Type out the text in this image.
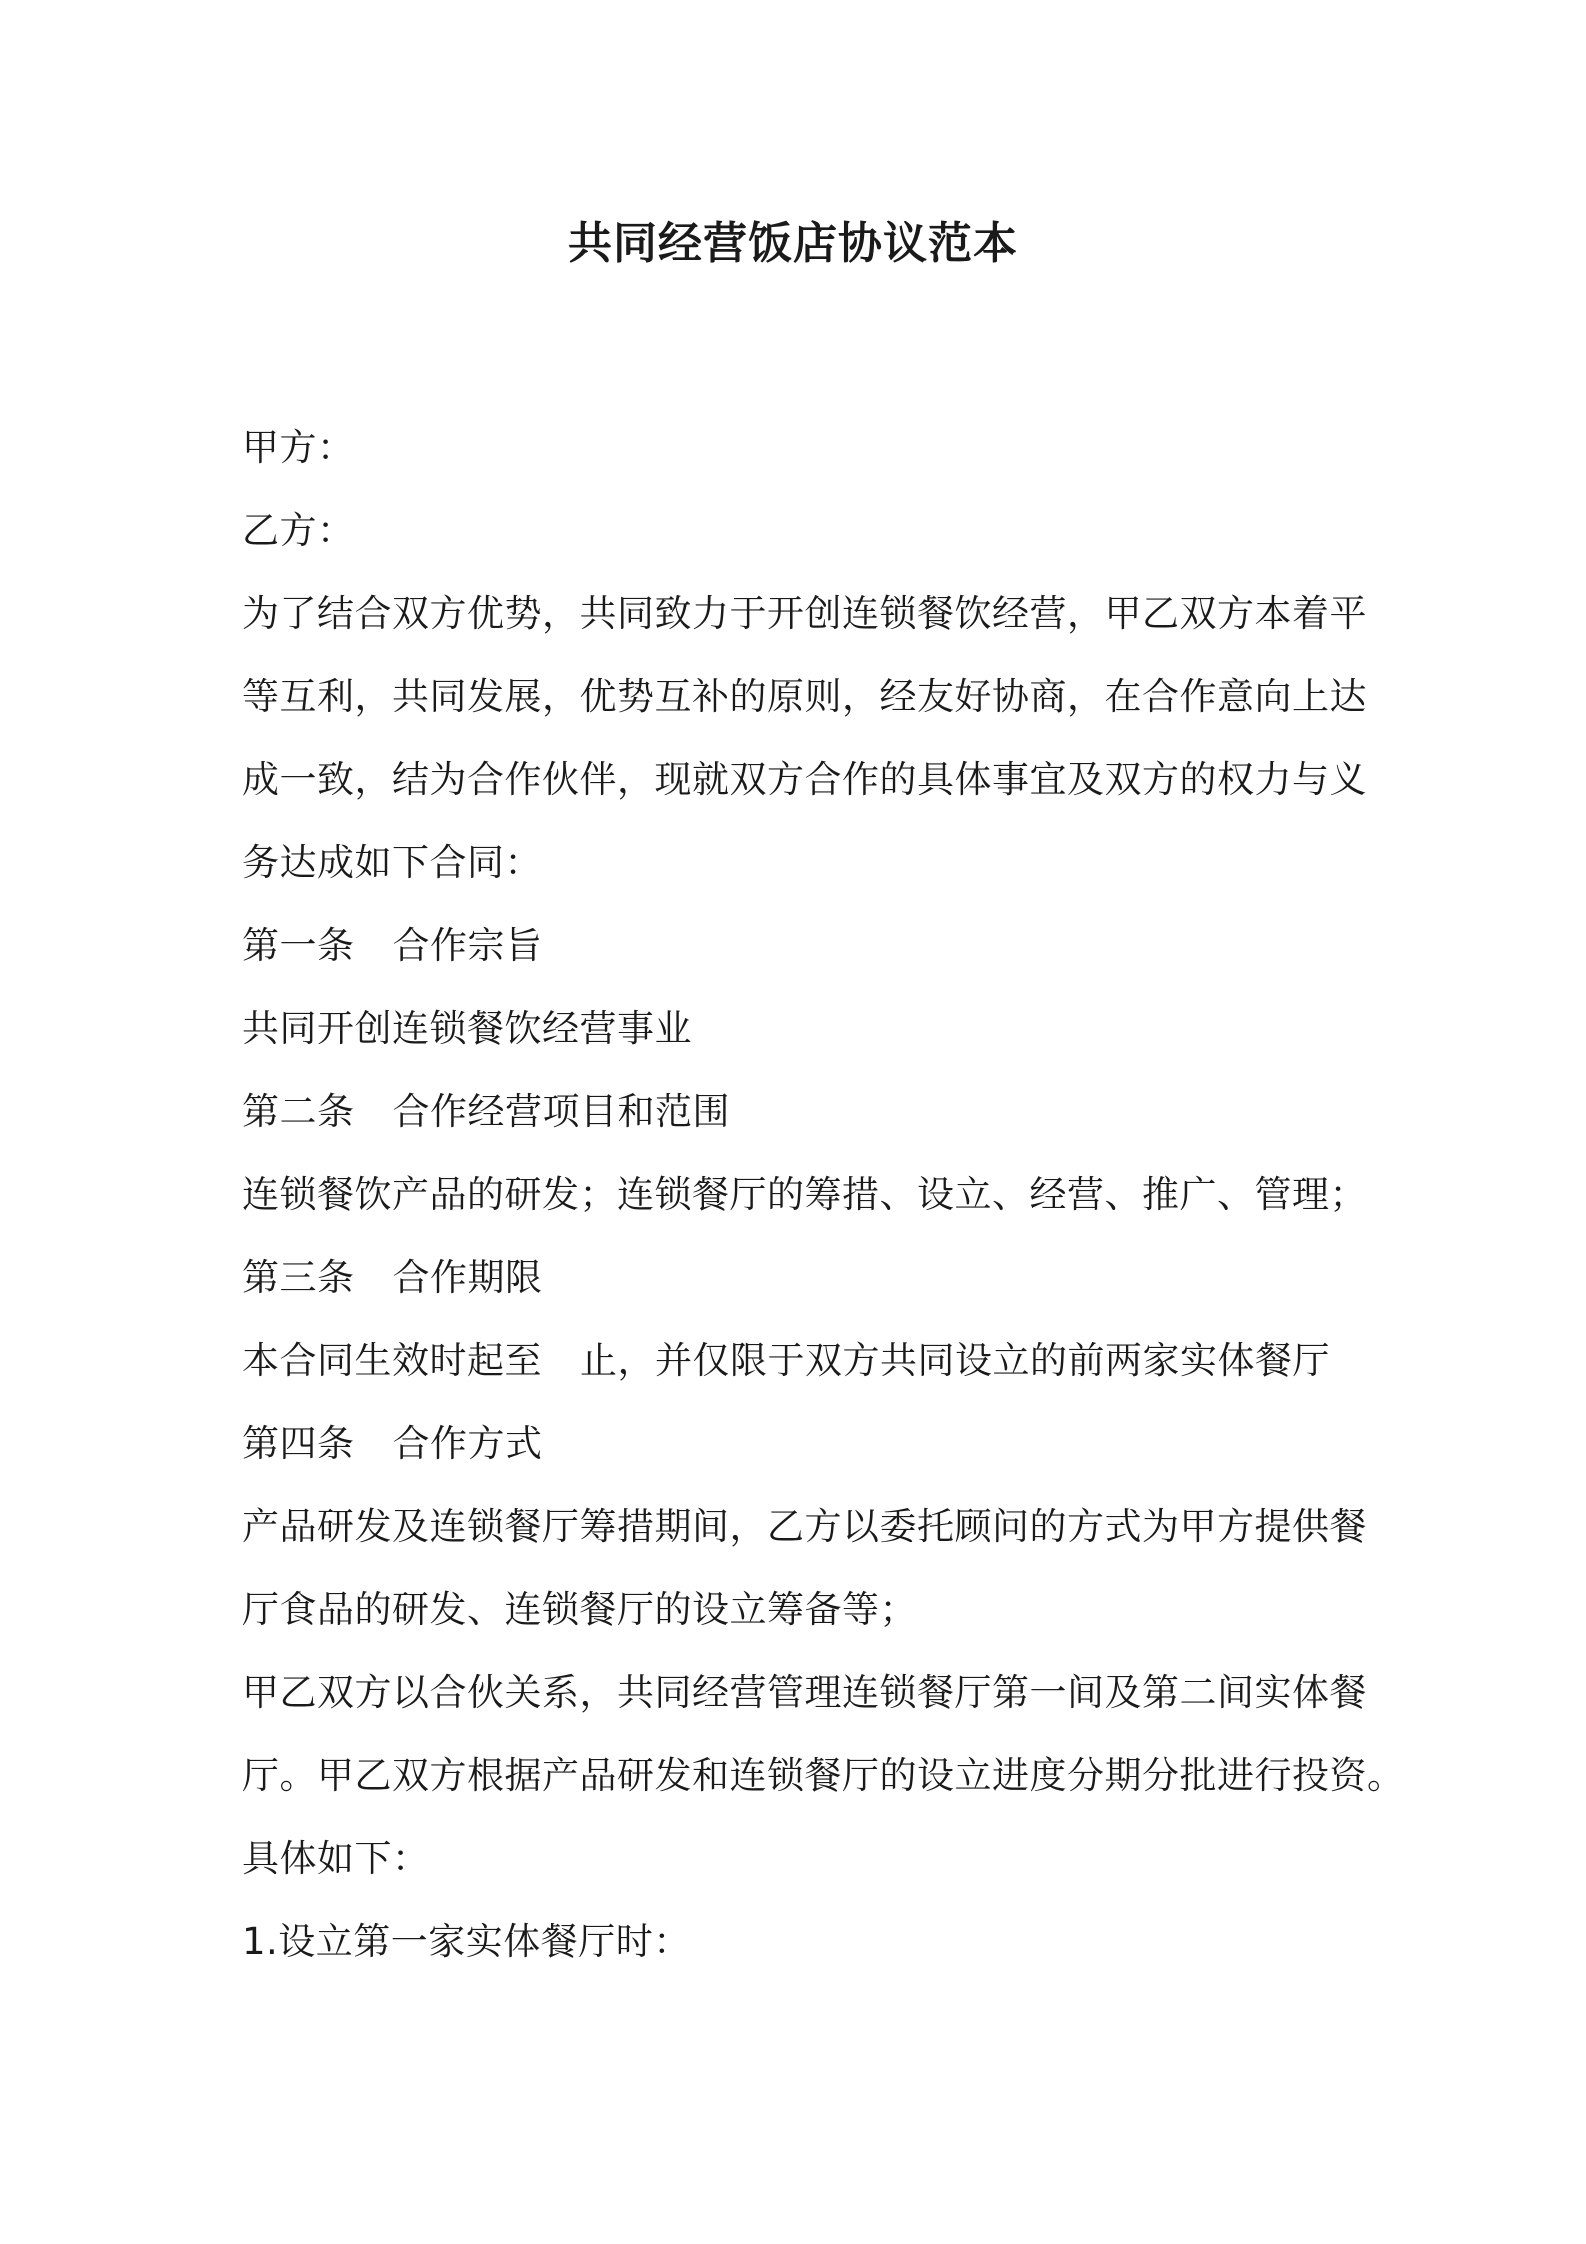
共同经营饭店协议范本
甲方：
乙方：
为了结合双方优势，共同致力于开创连锁餐饮经营，甲乙双方本着平
等互利，共同发展，优势互补的原则，经友好协商，在合作意向上达
成一致，结为合作伙伴，现就双方合作的具体事宜及双方的权力与义
务达成如下合同：
第一条 合作宗旨
共同开创连锁餐饮经营事业
第二条 合作经营项目和范围
连锁餐饮产品的研发；连锁餐厅的筹措、设立、经营、推广、管理；
第三条 合作期限
本合同生效时起至 止，并仅限于双方共同设立的前两家实体餐厅
第四条 合作方式
产品研发及连锁餐厅筹措期间，乙方以委托顾问的方式为甲方提供餐
厅食品的研发、连锁餐厅的设立筹备等；
甲乙双方以合伙关系，共同经营管理连锁餐厅第一间及第二间实体餐
厅。甲乙双方根据产品研发和连锁餐厅的设立进度分期分批进行投资。
具体如下：
1.设立第一家实体餐厅时：
